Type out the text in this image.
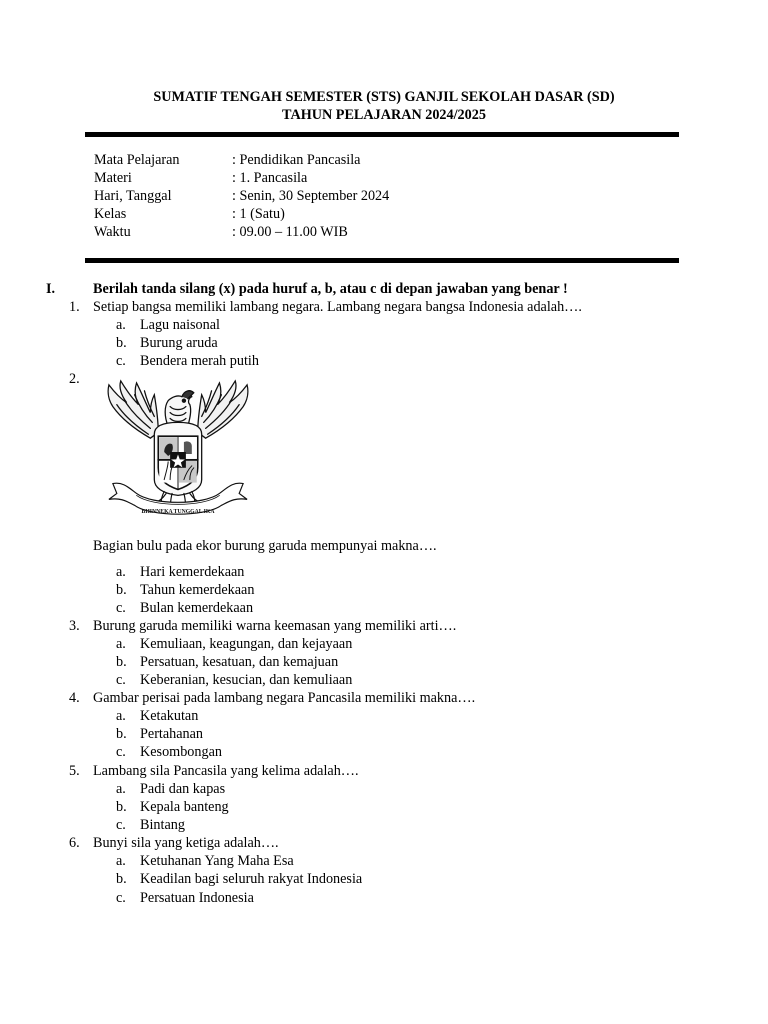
SUMATIF TENGAH SEMESTER (STS) GANJIL SEKOLAH DASAR (SD)
TAHUN PELAJARAN 2024/2025
Mata Pelajaran	: Pendidikan Pancasila
Materi	: 1. Pancasila
Hari, Tanggal	: Senin, 30 September 2024
Kelas	: 1 (Satu)
Waktu	: 09.00 – 11.00 WIB
I.	Berilah tanda silang (x) pada huruf a, b, atau c di depan jawaban yang benar !
1. Setiap bangsa memiliki lambang negara. Lambang negara bangsa Indonesia adalah….
a. Lagu naisonal
b. Burung aruda
c. Bendera merah putih
2.
BHINNEKA TUNGGAL IKA
Bagian bulu pada ekor burung garuda mempunyai makna….
a. Hari kemerdekaan
b. Tahun kemerdekaan
c. Bulan kemerdekaan
3. Burung garuda memiliki warna keemasan yang memiliki arti….
a. Kemuliaan, keagungan, dan kejayaan
b. Persatuan, kesatuan, dan kemajuan
c. Keberanian, kesucian, dan kemuliaan
4. Gambar perisai pada lambang negara Pancasila memiliki makna….
a. Ketakutan
b. Pertahanan
c. Kesombongan
5. Lambang sila Pancasila yang kelima adalah….
a. Padi dan kapas
b. Kepala banteng
c. Bintang
6. Bunyi sila yang ketiga adalah….
a. Ketuhanan Yang Maha Esa
b. Keadilan bagi seluruh rakyat Indonesia
c. Persatuan Indonesia
